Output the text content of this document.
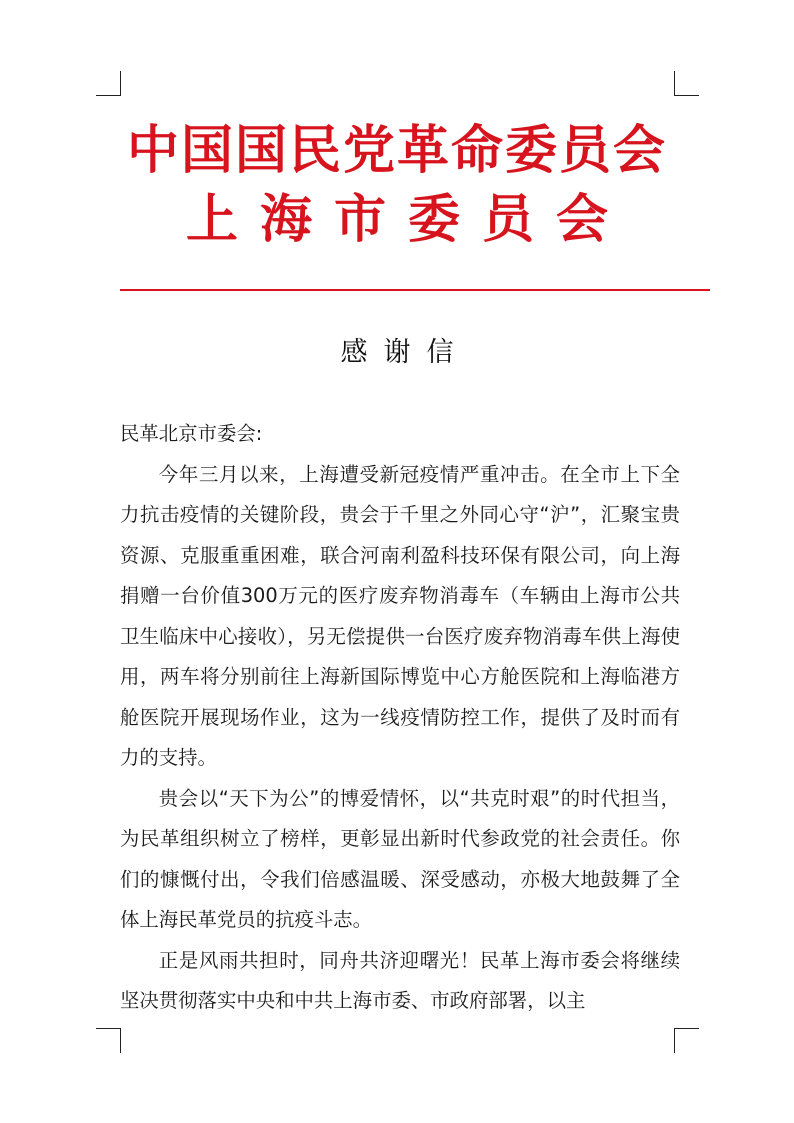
中国国民党革命委员会
上海市委员会
感谢信

民革北京市委会:

今年三月以来，上海遭受新冠疫情严重冲击。在全市上下全力抗击疫情的关键阶段，贵会于千里之外同心守“沪”，汇聚宝贵资源、克服重重困难，联合河南利盈科技环保有限公司，向上海捐赠一台价值300万元的医疗废弃物消毒车（车辆由上海市公共卫生临床中心接收），另无偿提供一台医疗废弃物消毒车供上海使用，两车将分别前往上海新国际博览中心方舱医院和上海临港方舱医院开展现场作业，这为一线疫情防控工作，提供了及时而有力的支持。

贵会以“天下为公”的博爱情怀，以“共克时艰”的时代担当，为民革组织树立了榜样，更彰显出新时代参政党的社会责任。你们的慷慨付出，令我们倍感温暖、深受感动，亦极大地鼓舞了全体上海民革党员的抗疫斗志。

正是风雨共担时，同舟共济迎曙光！民革上海市委会将继续坚决贯彻落实中央和中共上海市委、市政府部署，以主
